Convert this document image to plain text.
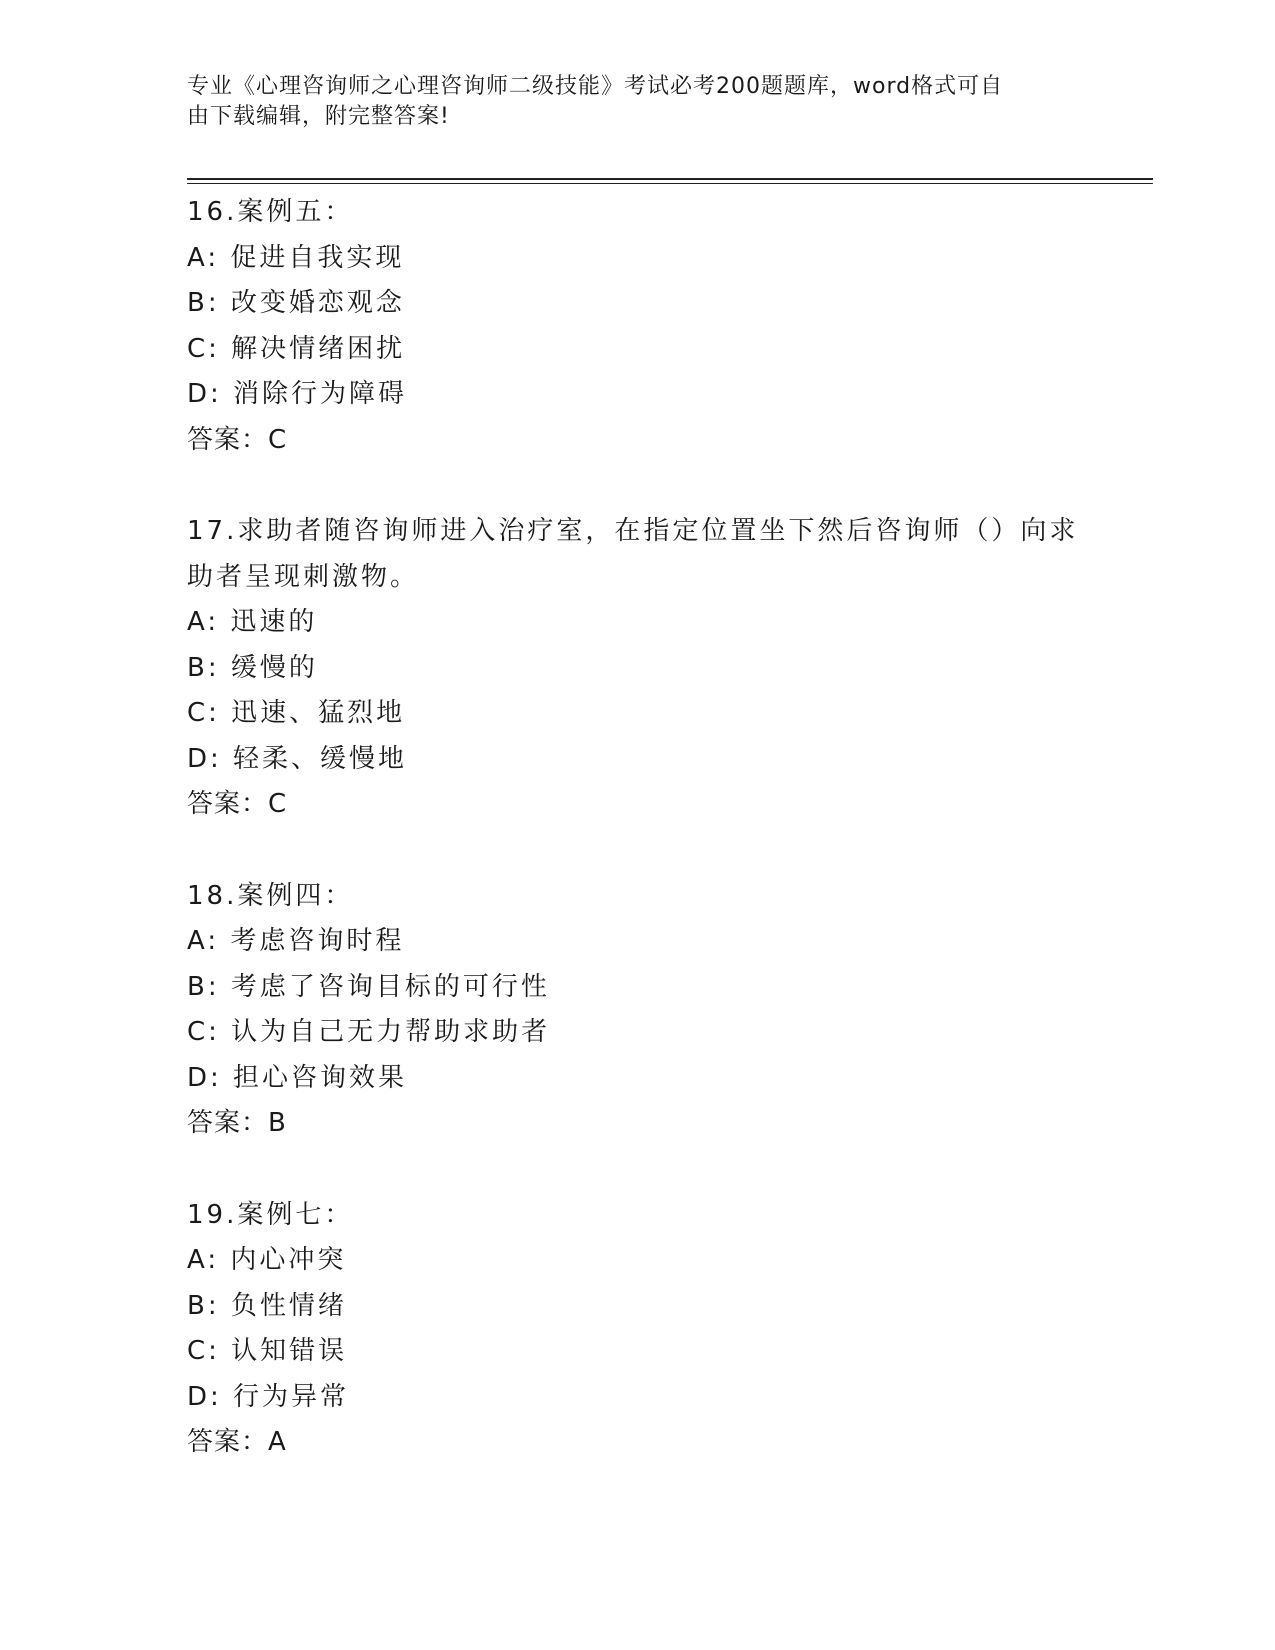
专业《心理咨询师之心理咨询师二级技能》考试必考200题题库，word格式可自
由下载编辑，附完整答案!
16.案例五：
A: 促进自我实现
B: 改变婚恋观念
C: 解决情绪困扰
D: 消除行为障碍
答案：C
17.求助者随咨询师进入治疗室，在指定位置坐下然后咨询师（）向求助者呈现刺激物。
A: 迅速的
B: 缓慢的
C: 迅速、猛烈地
D: 轻柔、缓慢地
答案：C
18.案例四：
A: 考虑咨询时程
B: 考虑了咨询目标的可行性
C: 认为自己无力帮助求助者
D: 担心咨询效果
答案：B
19.案例七：
A: 内心冲突
B: 负性情绪
C: 认知错误
D: 行为异常
答案：A
